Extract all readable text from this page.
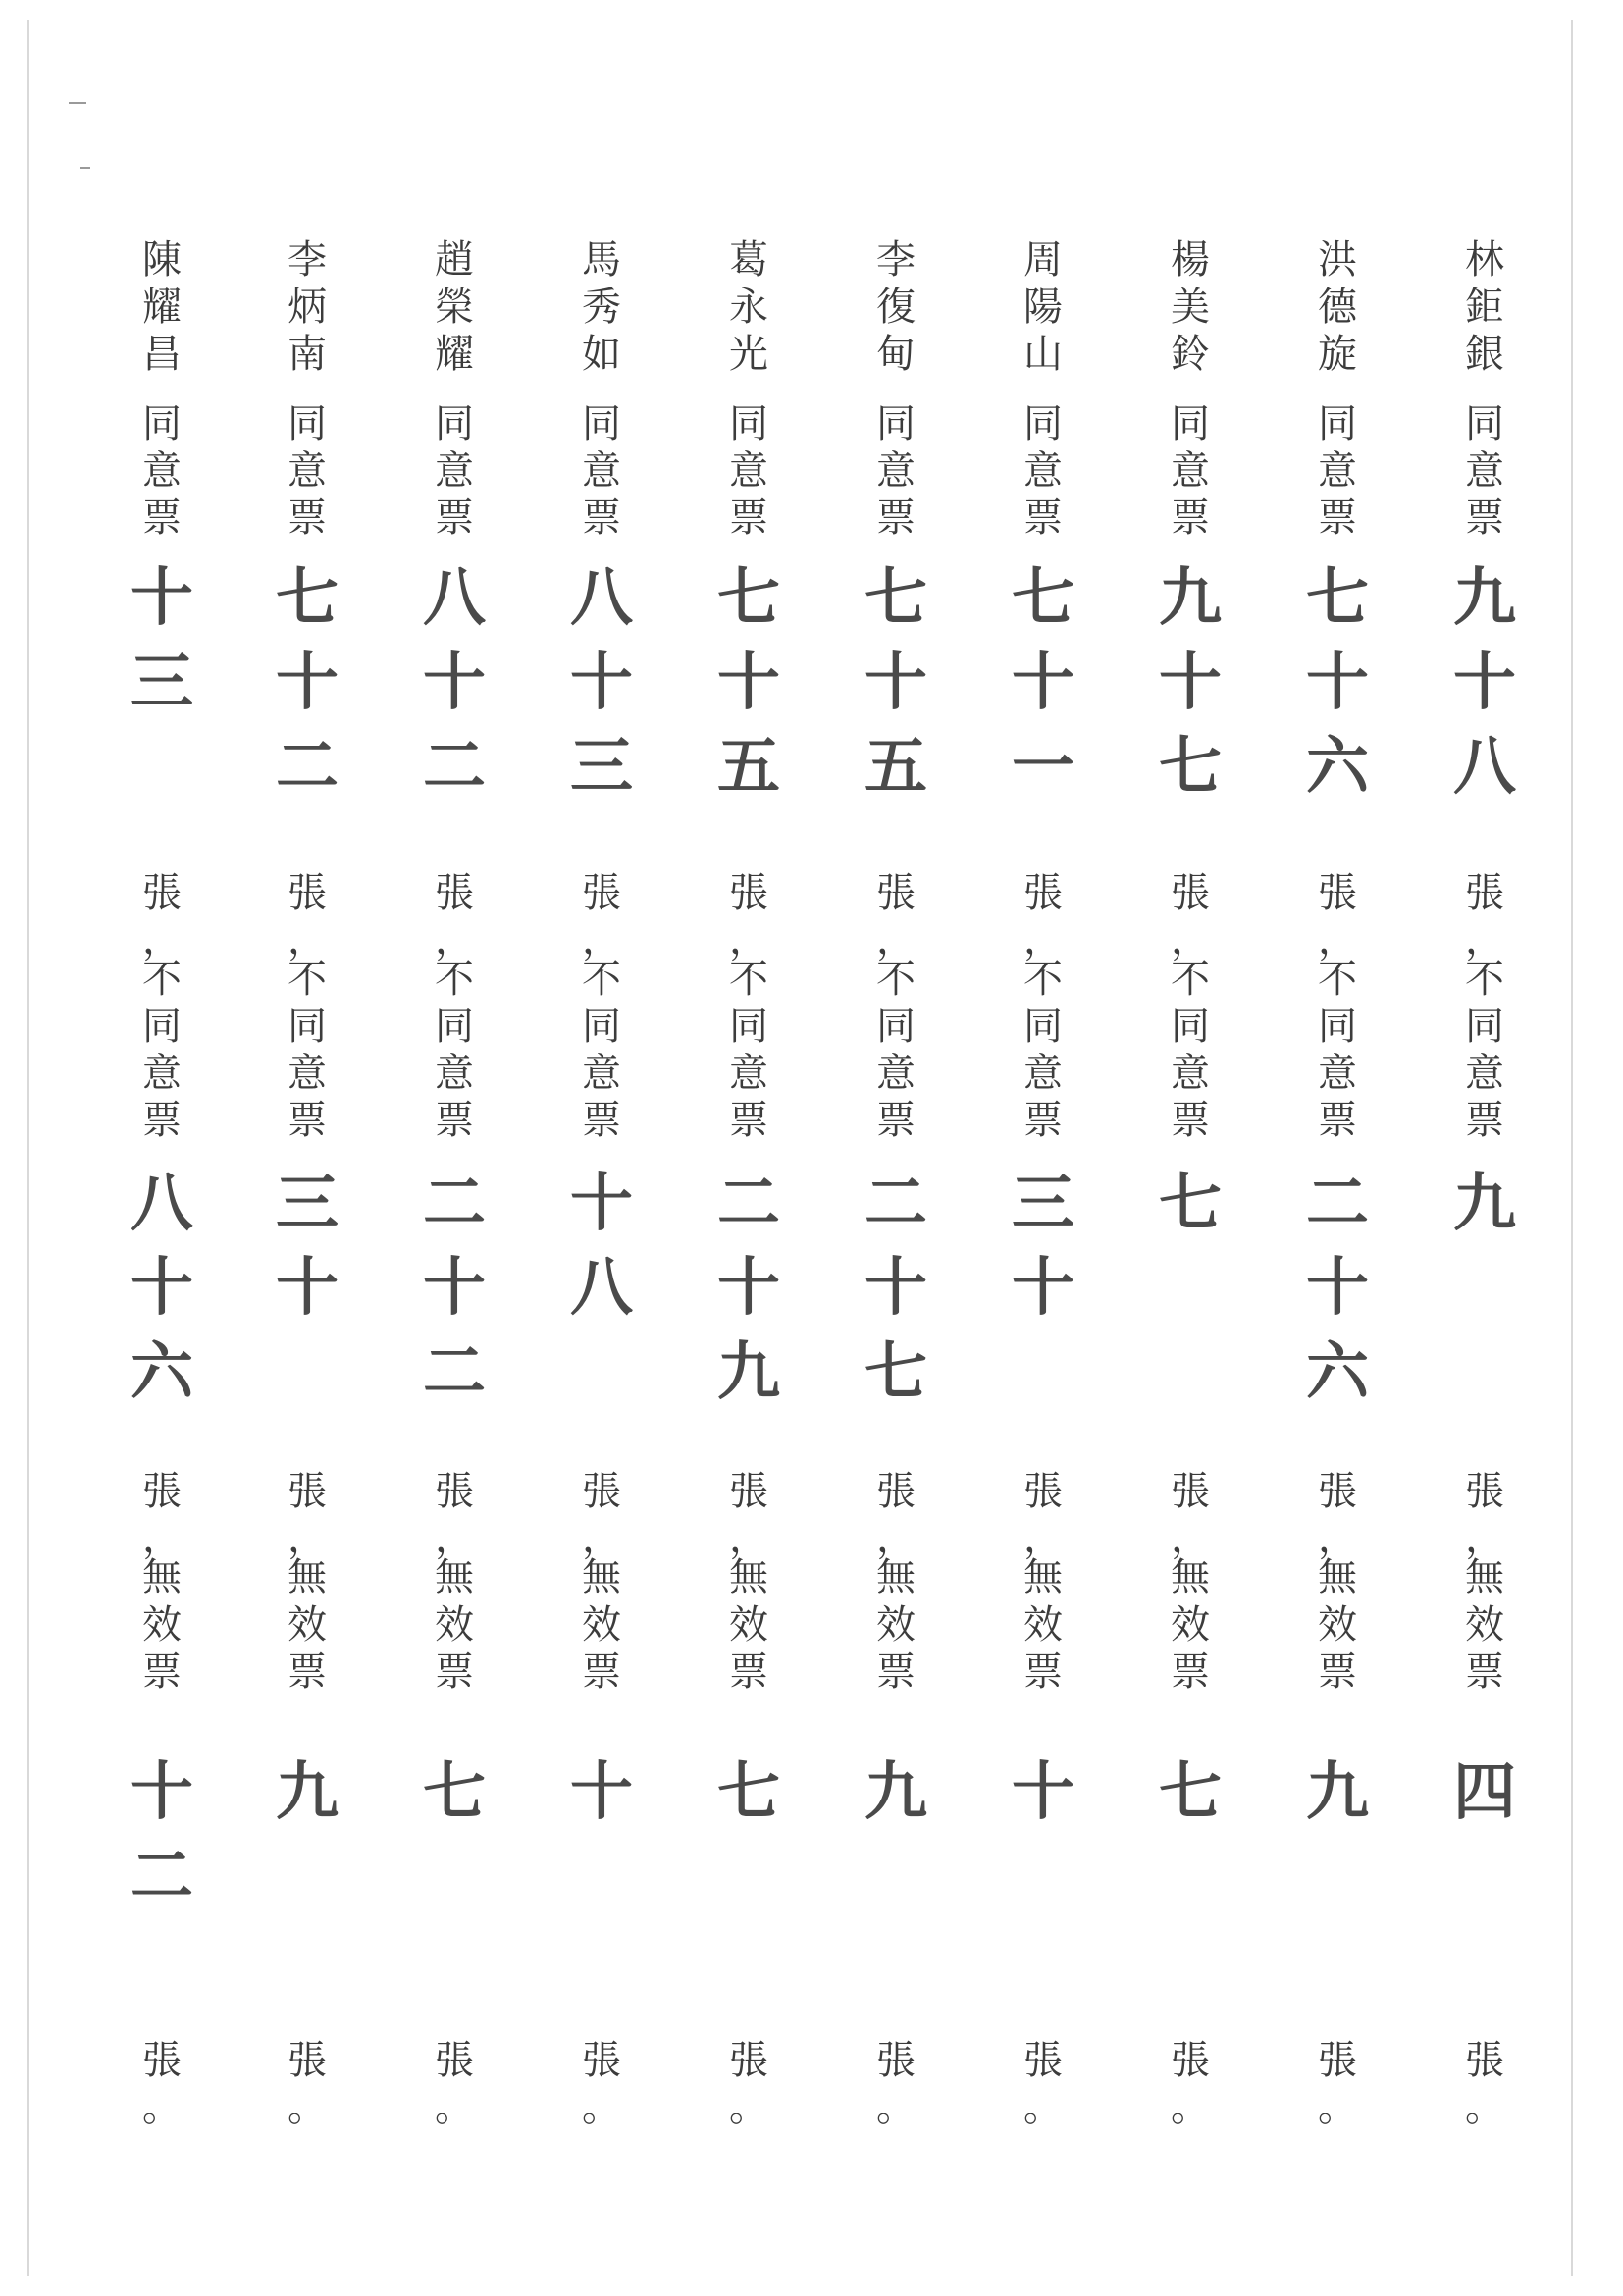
林
鉅
銀
同
意
票
九
十
八
張
，
不
同
意
票
九
張
，
無
效
票
四
張
。
洪
德
旋
同
意
票
七
十
六
張
，
不
同
意
票
二
十
六
張
，
無
效
票
九
張
。
楊
美
鈴
同
意
票
九
十
七
張
，
不
同
意
票
七
張
，
無
效
票
七
張
。
周
陽
山
同
意
票
七
十
一
張
，
不
同
意
票
三
十
張
，
無
效
票
十
張
。
李
復
甸
同
意
票
七
十
五
張
，
不
同
意
票
二
十
七
張
，
無
效
票
九
張
。
葛
永
光
同
意
票
七
十
五
張
，
不
同
意
票
二
十
九
張
，
無
效
票
七
張
。
馬
秀
如
同
意
票
八
十
三
張
，
不
同
意
票
十
八
張
，
無
效
票
十
張
。
趙
榮
耀
同
意
票
八
十
二
張
，
不
同
意
票
二
十
二
張
，
無
效
票
七
張
。
李
炳
南
同
意
票
七
十
二
張
，
不
同
意
票
三
十
張
，
無
效
票
九
張
。
陳
耀
昌
同
意
票
十
三
張
，
不
同
意
票
八
十
六
張
，
無
效
票
十
二
張
。
